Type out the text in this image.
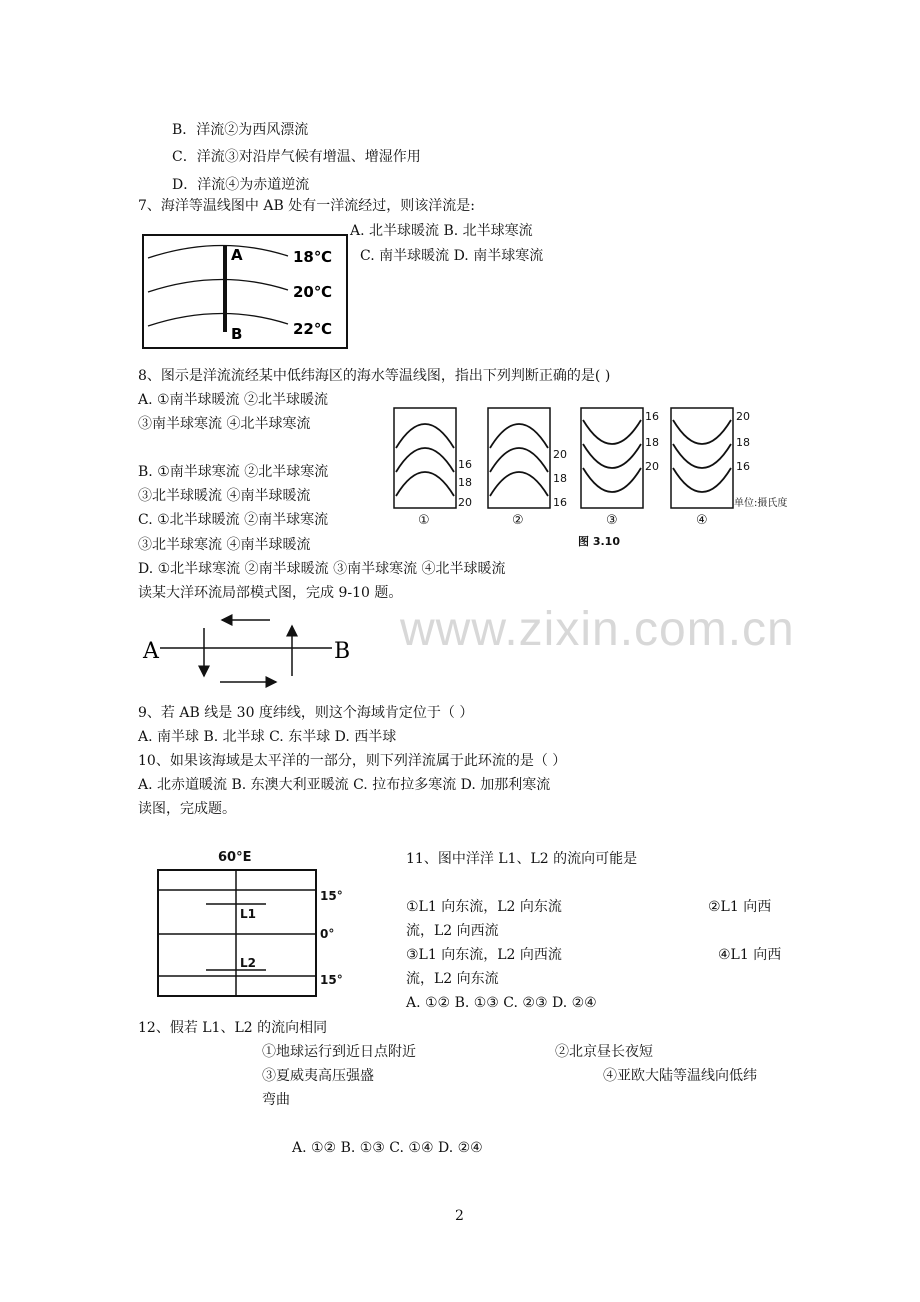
www.zixin.com.cn
B．洋流②为西风漂流
C．洋流③对沿岸气候有增温、增湿作用
D．洋流④为赤道逆流
7、海洋等温线图中 AB 处有一洋流经过，则该洋流是:
A. 北半球暖流 B. 北半球寒流
C. 南半球暖流 D. 南半球寒流
A
B
18℃
20℃
22℃
8、图示是洋流流经某中低纬海区的海水等温线图，指出下列判断正确的是( )
A. ①南半球暖流 ②北半球暖流
③南半球寒流 ④北半球寒流
B. ①南半球寒流 ②北半球寒流
③北半球暖流 ④南半球暖流
C. ①北半球暖流 ②南半球寒流
③北半球寒流 ④南半球暖流
D. ①北半球寒流 ②南半球暖流 ③南半球寒流 ④北半球暖流
16
18
20
①
20
18
16
②
16
18
20
③
20
18
16
④
单位:摄氏度
图 3.10
读某大洋环流局部模式图，完成 9-10 题。
A	B
9、若 AB 线是 30 度纬线，则这个海域肯定位于（ ）
A. 南半球 B. 北半球 C. 东半球 D. 西半球
10、如果该海域是太平洋的一部分，则下列洋流属于此环流的是（ ）
A. 北赤道暖流 B. 东澳大利亚暖流 C. 拉布拉多寒流 D. 加那利寒流
读图，完成题。
60°E
L1
L2
15°
0°
15°
11、图中洋洋 L1、L2 的流向可能是
①L1 向东流，L2 向东流	②L1 向西
流，L2 向西流
③L1 向东流，L2 向西流	④L1 向西
流，L2 向东流
A. ①② B. ①③ C. ②③ D. ②④
12、假若 L1、L2 的流向相同
①地球运行到近日点附近	②北京昼长夜短
③夏威夷高压强盛	④亚欧大陆等温线向低纬
弯曲
A. ①② B. ①③ C. ①④ D. ②④
2
